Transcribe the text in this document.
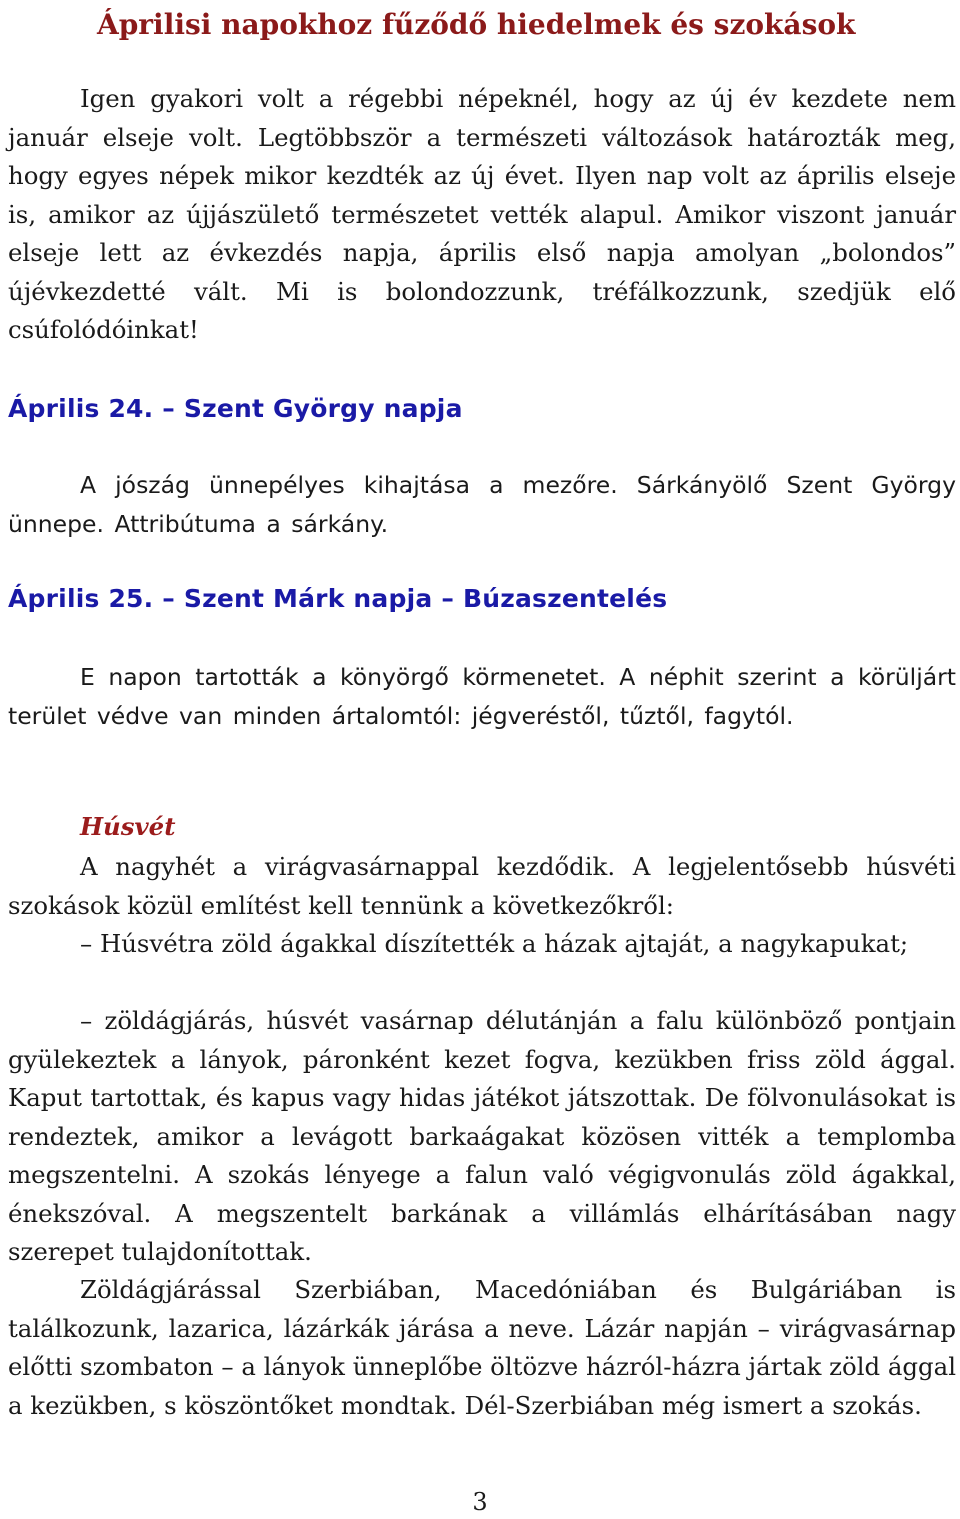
Áprilisi napokhoz fűződő hiedelmek és szokások

Igen gyakori volt a régebbi népeknél, hogy az új év kezdete nem január elseje volt. Legtöbbször a természeti változások határozták meg, hogy egyes népek mikor kezdték az új évet. Ilyen nap volt az április elseje is, amikor az újjászülető természetet vették alapul. Amikor viszont január elseje lett az évkezdés napja, április első napja amolyan „bolondos” újévkezdetté vált. Mi is bolondozzunk, tréfálkozzunk, szedjük elő csúfolódóinkat!

Április 24. – Szent György napja

A jószág ünnepélyes kihajtása a mezőre. Sárkányölő Szent György ünnepe. Attribútuma a sárkány.

Április 25. – Szent Márk napja – Búzaszentelés

E napon tartották a könyörgő körmenetet. A néphit szerint a körüljárt terület védve van minden ártalomtól: jégveréstől, tűztől, fagytól.

Húsvét

A nagyhét a virágvasárnappal kezdődik. A legjelentősebb húsvéti szokások közül említést kell tennünk a következőkről:

– Húsvétra zöld ágakkal díszítették a házak ajtaját, a nagykapukat;

– zöldágjárás, húsvét vasárnap délutánján a falu különböző pontjain gyülekeztek a lányok, páronként kezet fogva, kezükben friss zöld ággal. Kaput tartottak, és kapus vagy hidas játékot játszottak. De fölvonulásokat is rendeztek, amikor a levágott barkaágakat közösen vitték a templomba megszentelni. A szokás lényege a falun való végigvonulás zöld ágakkal, énekszóval. A megszentelt barkának a villámlás elhárításában nagy szerepet tulajdonítottak.

Zöldágjárással Szerbiában, Macedóniában és Bulgáriában is találkozunk, lazarica, lázárkák járása a neve. Lázár napján – virágvasárnap előtti szombaton – a lányok ünneplőbe öltözve házról-házra jártak zöld ággal a kezükben, s köszöntőket mondtak. Dél-Szerbiában még ismert a szokás.

3
